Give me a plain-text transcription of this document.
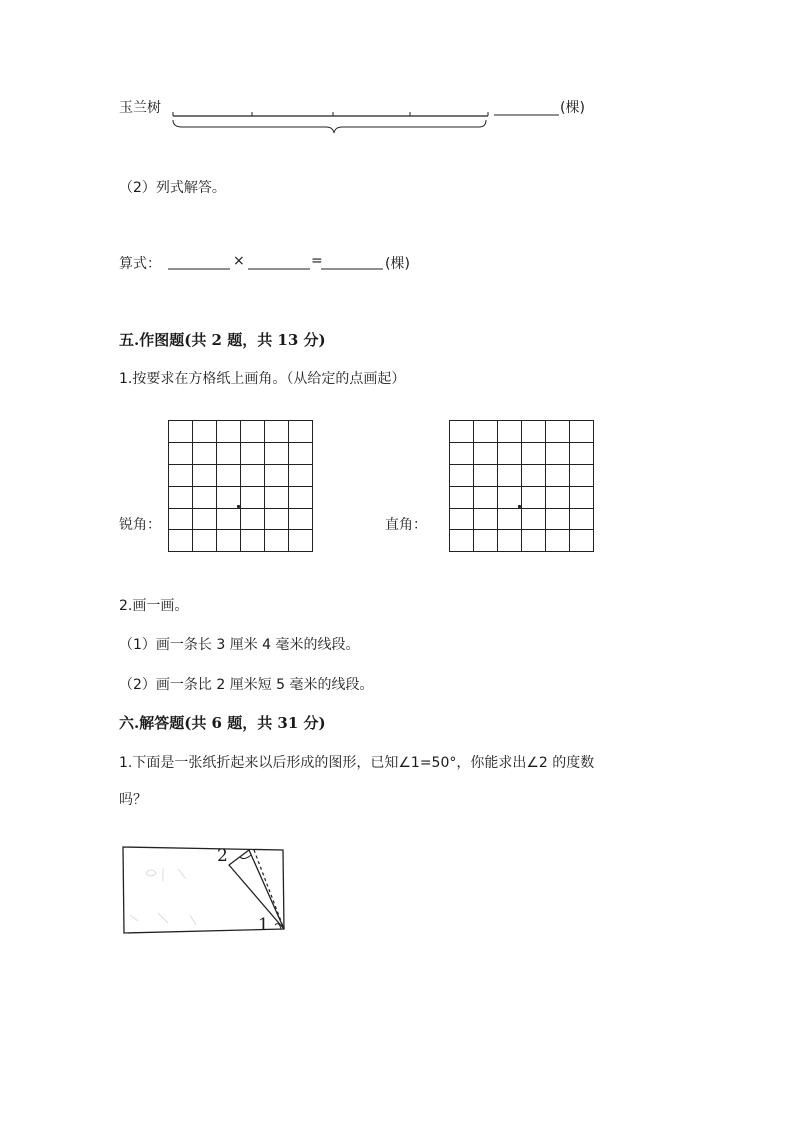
玉兰树	(棵)
（2）列式解答。
算式：	×	=	(棵)
五.作图题(共 2 题，共 13 分)
1.按要求在方格纸上画角。（从给定的点画起）
锐角：	直角：
2.画一画。
（1）画一条长 3 厘米 4 毫米的线段。
（2）画一条比 2 厘米短 5 毫米的线段。
六.解答题(共 6 题，共 31 分)
1.下面是一张纸折起来以后形成的图形，已知∠1=50°，你能求出∠2 的度数
吗？
2
1
